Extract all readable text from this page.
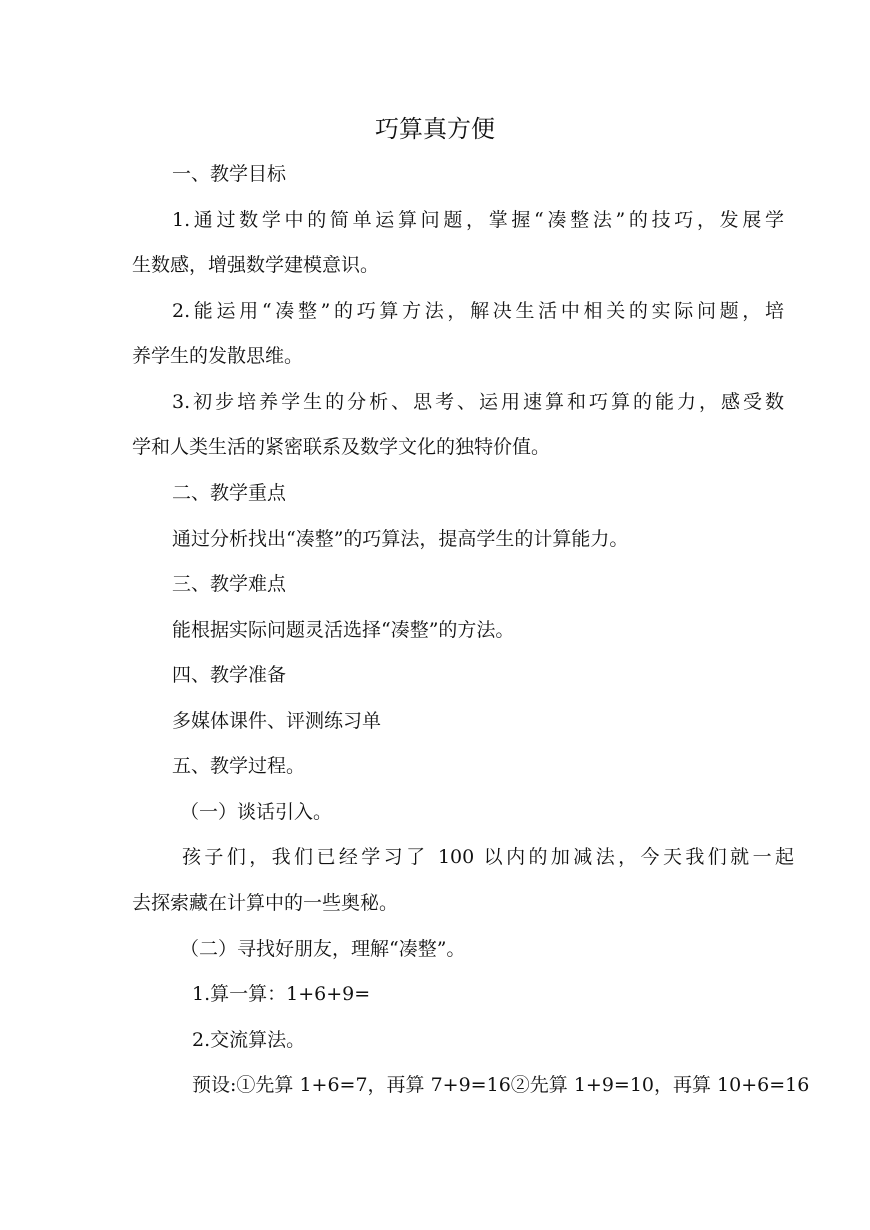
巧算真方便
一、教学目标
1.通过数学中的简单运算问题，掌握“凑整法”的技巧，发展学
生数感，增强数学建模意识。
2.能运用“凑整”的巧算方法，解决生活中相关的实际问题，培
养学生的发散思维。
3.初步培养学生的分析、思考、运用速算和巧算的能力，感受数
学和人类生活的紧密联系及数学文化的独特价值。
二、教学重点
通过分析找出“凑整”的巧算法，提高学生的计算能力。
三、教学难点
能根据实际问题灵活选择“凑整”的方法。
四、教学准备
多媒体课件、评测练习单
五、教学过程。
（一）谈话引入。
孩子们，我们已经学习了 100 以内的加减法，今天我们就一起
去探索藏在计算中的一些奥秘。
（二）寻找好朋友，理解“凑整”。
1.算一算：1+6+9=
2.交流算法。
预设:①先算 1+6=7，再算 7+9=16②先算 1+9=10，再算 10+6=16
